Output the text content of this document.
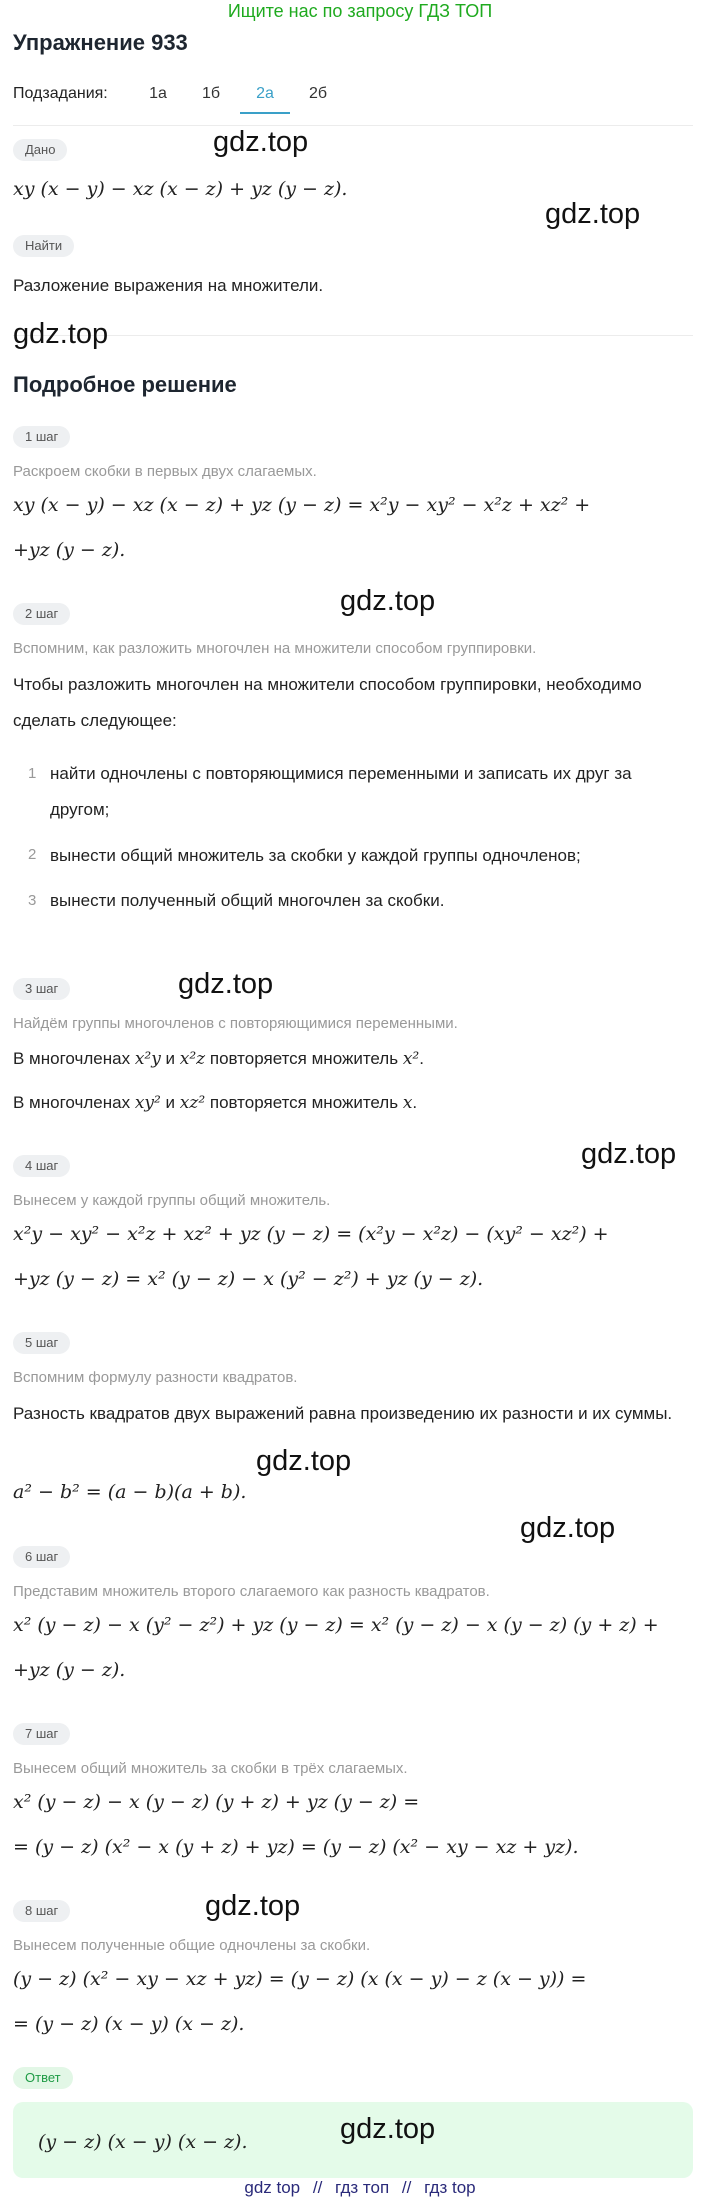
Ищите нас по запросу ГДЗ ТОП
Упражнение 933
Подзадания:	1а	1б	2а	2б
Дано
xy (x − y) − xz (x − z) + yz (y − z).
Найти
Разложение выражения на множители.
Подробное решение
1 шаг
Раскроем скобки в первых двух слагаемых.
xy (x − y) − xz (x − z) + yz (y − z) = x²y − xy² − x²z + xz² +
+yz (y − z).
2 шаг
Вспомним, как разложить многочлен на множители способом группировки.
Чтобы разложить многочлен на множители способом группировки, необходимо сделать следующее:
1 найти одночлены с повторяющимися переменными и записать их друг за другом;
2 вынести общий множитель за скобки у каждой группы одночленов;
3 вынести полученный общий многочлен за скобки.
3 шаг
Найдём группы многочленов с повторяющимися переменными.
В многочленах x²y и x²z повторяется множитель x².
В многочленах xy² и xz² повторяется множитель x.
4 шаг
Вынесем у каждой группы общий множитель.
x²y − xy² − x²z + xz² + yz (y − z) = (x²y − x²z) − (xy² − xz²) +
+yz (y − z) = x² (y − z) − x (y² − z²) + yz (y − z).
5 шаг
Вспомним формулу разности квадратов.
Разность квадратов двух выражений равна произведению их разности и их суммы.
a² − b² = (a − b)(a + b).
6 шаг
Представим множитель второго слагаемого как разность квадратов.
x² (y − z) − x (y² − z²) + yz (y − z) = x² (y − z) − x (y − z) (y + z) +
+yz (y − z).
7 шаг
Вынесем общий множитель за скобки в трёх слагаемых.
x² (y − z) − x (y − z) (y + z) + yz (y − z) =
= (y − z) (x² − x (y + z) + yz) = (y − z) (x² − xy − xz + yz).
8 шаг
Вынесем полученные общие одночлены за скобки.
(y − z) (x² − xy − xz + yz) = (y − z) (x (x − y) − z (x − y)) =
= (y − z) (x − y) (x − z).
Ответ
(y − z) (x − y) (x − z).
gdz.top
gdz.top
gdz.top
gdz.top
gdz.top
gdz.top
gdz.top
gdz.top
gdz.top
gdz.top
gdz top // гдз топ // гдз top
